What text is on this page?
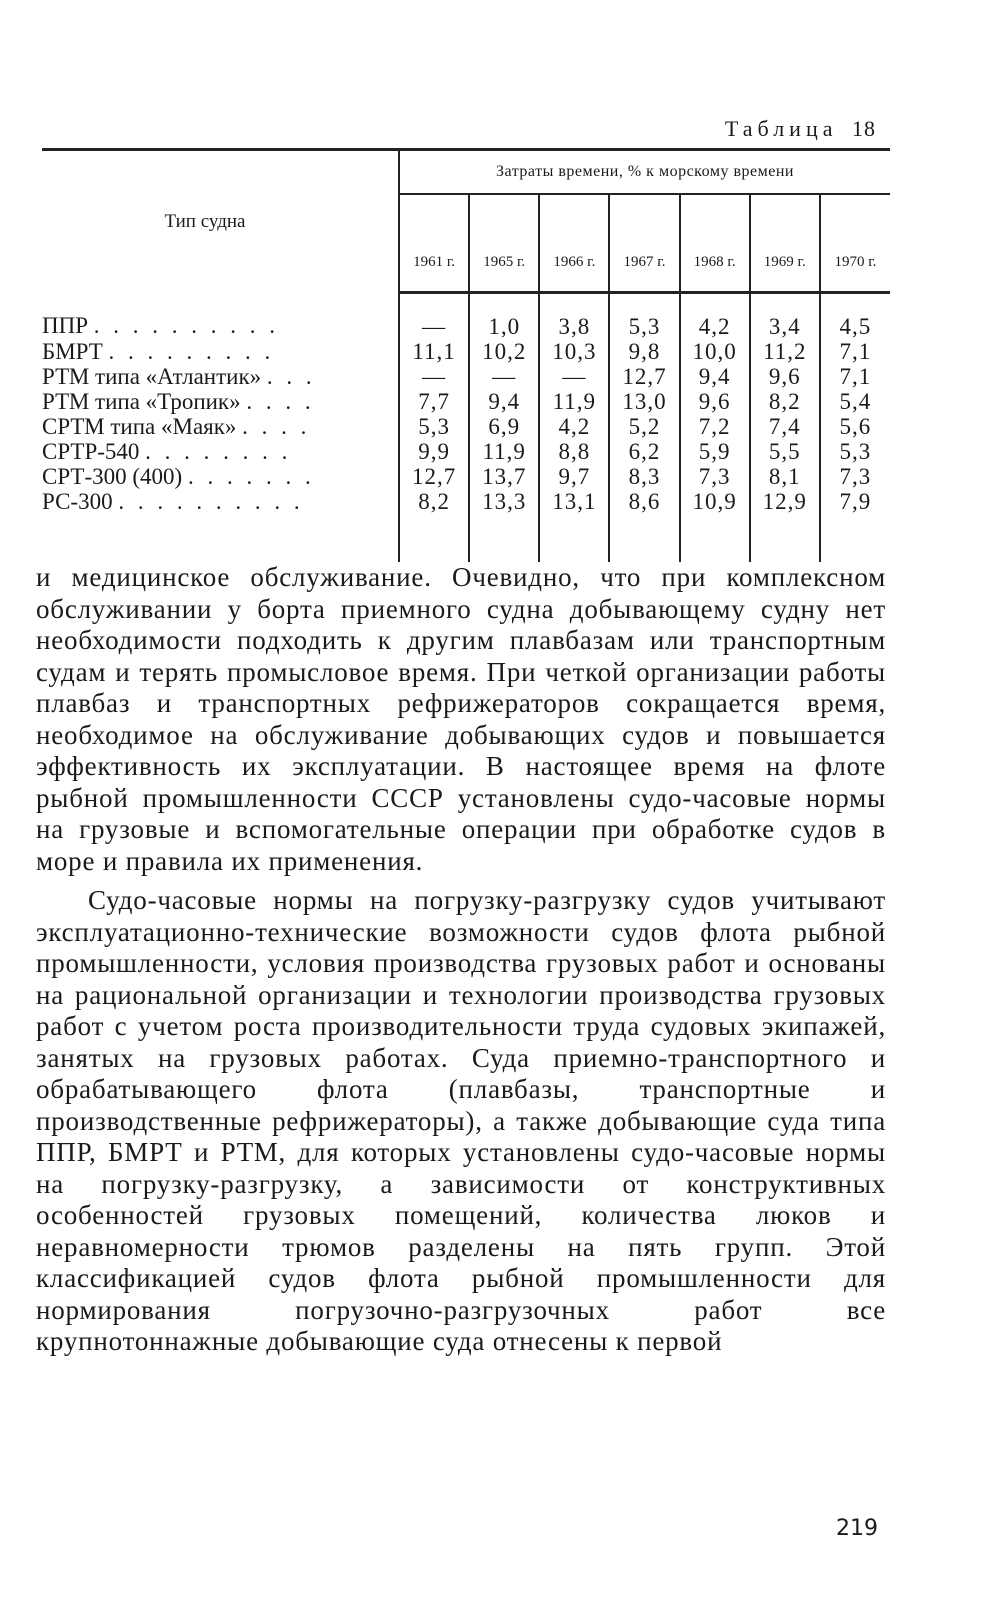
Таблица 18
Тип судна	Затраты времени, % к морскому времени						
	1961 г.	1965 г.	1966 г.	1967 г.	1968 г.	1969 г.	1970 г.
ППР . . . . . . . . . .	—	1,0	3,8	5,3	4,2	3,4	4,5
БМРТ . . . . . . . . .	11,1	10,2	10,3	9,8	10,0	11,2	7,1
РТМ типа «Атлантик» . . .	—	—	—	12,7	9,4	9,6	7,1
РТМ типа «Тропик» . . . .	7,7	9,4	11,9	13,0	9,6	8,2	5,4
СРТМ типа «Маяк» . . . .	5,3	6,9	4,2	5,2	7,2	7,4	5,6
СРТР-540 . . . . . . . .	9,9	11,9	8,8	6,2	5,9	5,5	5,3
СРТ-300 (400) . . . . . . .	12,7	13,7	9,7	8,3	7,3	8,1	7,3
РС-300 . . . . . . . . . .	8,2	13,3	13,1	8,6	10,9	12,9	7,9

и медицинское обслуживание. Очевидно, что при комплексном обслуживании у борта приемного судна добывающему судну нет необходимости подходить к другим плавбазам или транспортным судам и терять промысловое время. При четкой организации работы плавбаз и транспортных рефрижераторов сокращается время, необходимое на обслуживание добывающих судов и повышается эффективность их эксплуатации. В настоящее время на флоте рыбной промышленности СССР установлены судо-часовые нормы на грузовые и вспомогательные операции при обработке судов в море и правила их применения.

Судо-часовые нормы на погрузку-разгрузку судов учитывают эксплуатационно-технические возможности судов флота рыбной промышленности, условия производства грузовых работ и основаны на рациональной организации и технологии производства грузовых работ с учетом роста производительности труда судовых экипажей, занятых на грузовых работах. Суда приемно-транспортного и обрабатывающего флота (плавбазы, транспортные и производственные рефрижераторы), а также добывающие суда типа ППР, БМРТ и РТМ, для которых установлены судо-часовые нормы на погрузку-разгрузку, а зависимости от конструктивных особенностей грузовых помещений, количества люков и неравномерности трюмов разделены на пять групп. Этой классификацией судов флота рыбной промышленности для нормирования погрузочно-разгрузочных работ все крупнотоннажные добывающие суда отнесены к первой

219
